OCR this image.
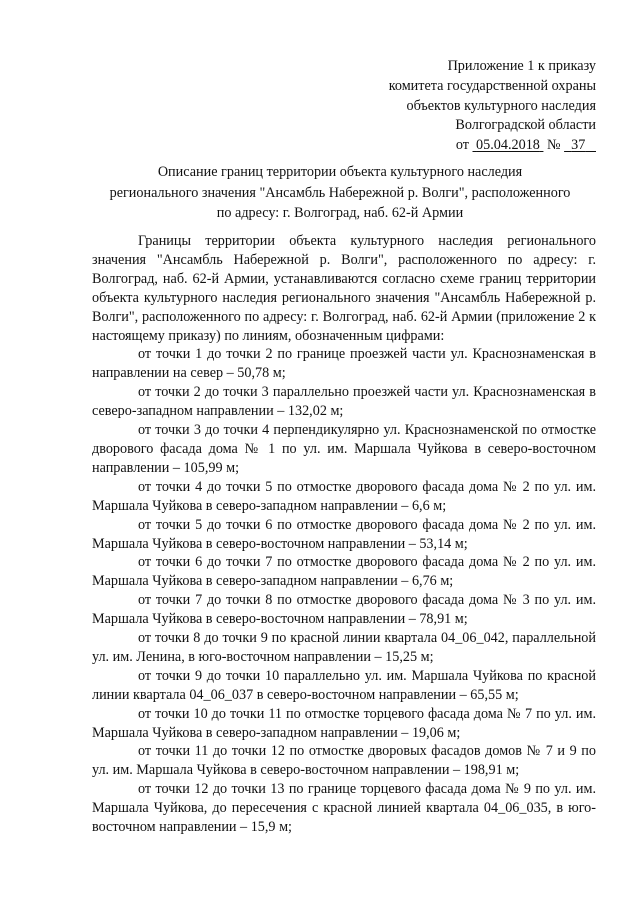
Приложение 1 к приказу
комитета государственной охраны
объектов культурного наследия
Волгоградской области
от 05.04.2018 № 37
Описание границ территории объекта культурного наследия
регионального значения "Ансамбль Набережной р. Волги", расположенного
по адресу: г. Волгоград, наб. 62-й Армии

Границы территории объекта культурного наследия регионального значения "Ансамбль Набережной р. Волги", расположенного по адресу: г. Волгоград, наб. 62-й Армии, устанавливаются согласно схеме границ территории объекта культурного наследия регионального значения "Ансамбль Набережной р. Волги", расположенного по адресу: г. Волгоград, наб. 62-й Армии (приложение 2 к настоящему приказу) по линиям, обозначенным цифрами:

от точки 1 до точки 2 по границе проезжей части ул. Краснознаменская в направлении на север – 50,78 м;

от точки 2 до точки 3 параллельно проезжей части ул. Краснознаменская в северо-западном направлении – 132,02 м;

от точки 3 до точки 4 перпендикулярно ул. Краснознаменской по отмостке дворового фасада дома № 1 по ул. им. Маршала Чуйкова в северо-восточном направлении – 105,99 м;

от точки 4 до точки 5 по отмостке дворового фасада дома № 2 по ул. им. Маршала Чуйкова в северо-западном направлении – 6,6 м;

от точки 5 до точки 6 по отмостке дворового фасада дома № 2 по ул. им. Маршала Чуйкова в северо-восточном направлении – 53,14 м;

от точки 6 до точки 7 по отмостке дворового фасада дома № 2 по ул. им. Маршала Чуйкова в северо-западном направлении – 6,76 м;

от точки 7 до точки 8 по отмостке дворового фасада дома № 3 по ул. им. Маршала Чуйкова в северо-восточном направлении – 78,91 м;

от точки 8 до точки 9 по красной линии квартала 04_06_042, параллельной ул. им. Ленина, в юго-восточном направлении – 15,25 м;

от точки 9 до точки 10 параллельно ул. им. Маршала Чуйкова по красной линии квартала 04_06_037 в северо-восточном направлении – 65,55 м;

от точки 10 до точки 11 по отмостке торцевого фасада дома № 7 по ул. им. Маршала Чуйкова в северо-западном направлении – 19,06 м;

от точки 11 до точки 12 по отмостке дворовых фасадов домов № 7 и 9 по ул. им. Маршала Чуйкова в северо-восточном направлении – 198,91 м;

от точки 12 до точки 13 по границе торцевого фасада дома № 9 по ул. им. Маршала Чуйкова, до пересечения с красной линией квартала 04_06_035, в юго-восточном направлении – 15,9 м;
